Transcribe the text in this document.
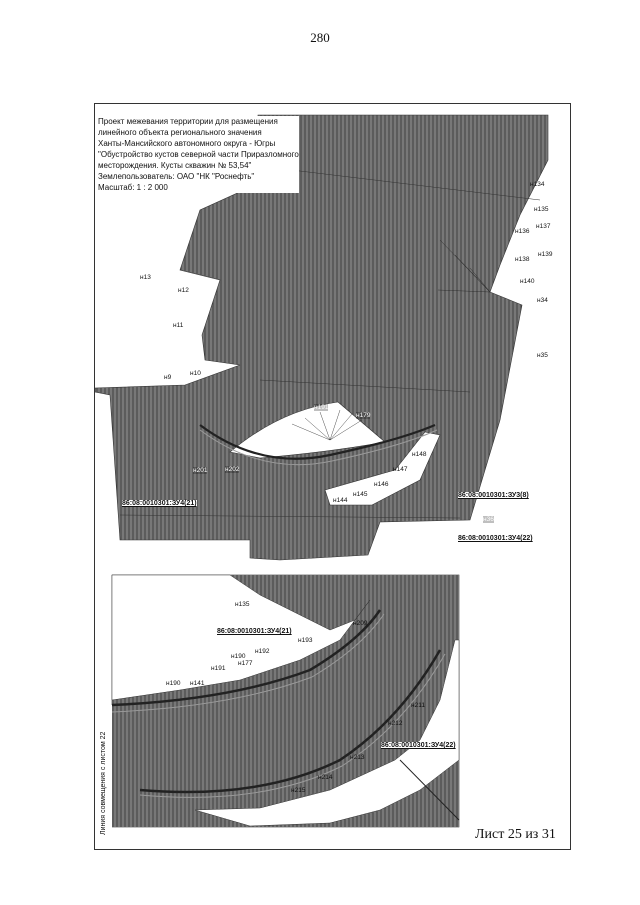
280
Проект межевания территории для размещения
линейного объекта регионального значения
Ханты-Мансийского автономного округа - Югры
"Обустройство кустов северной части Приразломного
месторождения. Кусты скважин № 53,54"
Землепользователь: ОАО "НК "Роснефть"
Масштаб: 1 : 2 000	н134
н135
н136
н137
н138
н139
н140
н34
н35
н13
н12
н11
н10
н9
н191
н179
н148
н147
н146
н145
н144
н36
н202
н201
86:08:0010301:ЗУ3(8)
86:08:0010301:ЗУ4(21)
86:08:0010301:ЗУ4(22)
н135
н209
н193
н192
н190
н191
н177
н190 н141
н211
н212
н213
н214
н215
86:08:0010301:ЗУ4(21)
86:08:0010301:ЗУ4(22)
Линия совмещения с листом 22	Лист 25 из 31
